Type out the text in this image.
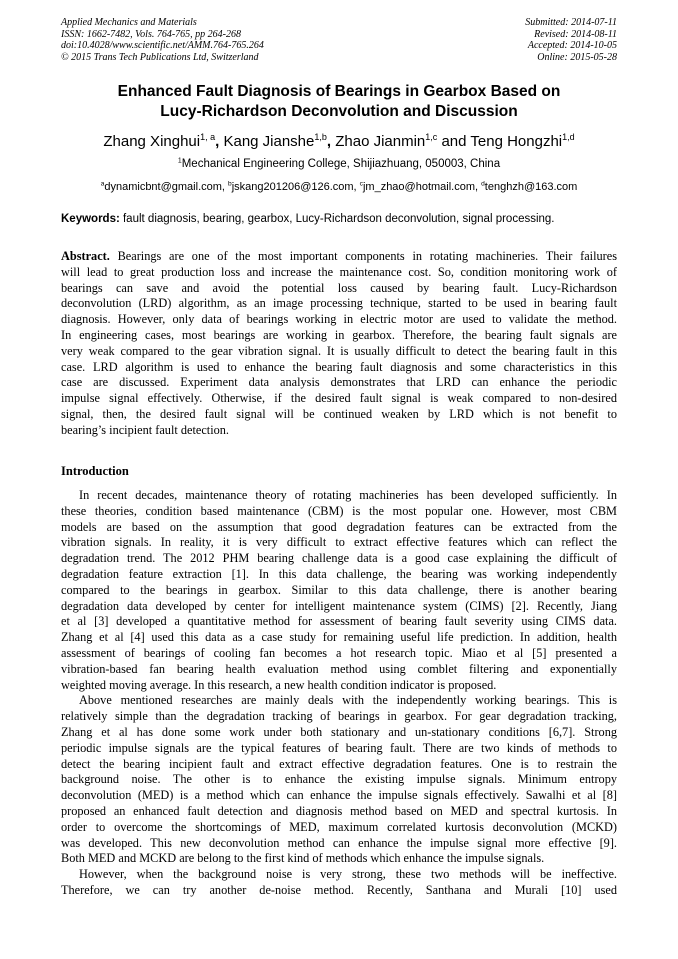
Applied Mechanics and Materials
ISSN: 1662-7482, Vols. 764-765, pp 264-268
doi:10.4028/www.scientific.net/AMM.764-765.264
© 2015 Trans Tech Publications Ltd, Switzerland
Submitted: 2014-07-11
Revised: 2014-08-11
Accepted: 2014-10-05
Online: 2015-05-28
Enhanced Fault Diagnosis of Bearings in Gearbox Based on
Lucy-Richardson Deconvolution and Discussion
Zhang Xinghui$^{1, a}$, Kang Jianshe$^{1,b}$, Zhao Jianmin$^{1,c}$ and Teng Hongzhi$^{1,d}$
$^1$Mechanical Engineering College, Shijiazhuang, 050003, China
$^a$dynamicbnt@gmail.com, $^b$jskang201206@126.com, $^c$jm_zhao@hotmail.com, $^d$tenghzh@163.com
Keywords: fault diagnosis, bearing, gearbox, Lucy-Richardson deconvolution, signal processing.
Abstract. Bearings are one of the most important components in rotating machineries. Their failures
will lead to great production loss and increase the maintenance cost. So, condition monitoring work of
bearings can save and avoid the potential loss caused by bearing fault. Lucy-Richardson
deconvolution (LRD) algorithm, as an image processing technique, started to be used in bearing fault
diagnosis. However, only data of bearings working in electric motor are used to validate the method.
In engineering cases, most bearings are working in gearbox. Therefore, the bearing fault signals are
very weak compared to the gear vibration signal. It is usually difficult to detect the bearing fault in this
case. LRD algorithm is used to enhance the bearing fault diagnosis and some characteristics in this
case are discussed. Experiment data analysis demonstrates that LRD can enhance the periodic
impulse signal effectively. Otherwise, if the desired fault signal is weak compared to non-desired
signal, then, the desired fault signal will be continued weaken by LRD which is not benefit to
bearing’s incipient fault detection.
Introduction
In recent decades, maintenance theory of rotating machineries has been developed sufficiently. In
these theories, condition based maintenance (CBM) is the most popular one. However, most CBM
models are based on the assumption that good degradation features can be extracted from the
vibration signals. In reality, it is very difficult to extract effective features which can reflect the
degradation trend. The 2012 PHM bearing challenge data is a good case explaining the difficult of
degradation feature extraction [1]. In this data challenge, the bearing was working independently
compared to the bearings in gearbox. Similar to this data challenge, there is another bearing
degradation data developed by center for intelligent maintenance system (CIMS) [2]. Recently, Jiang
et al [3] developed a quantitative method for assessment of bearing fault severity using CIMS data.
Zhang et al [4] used this data as a case study for remaining useful life prediction. In addition, health
assessment of bearings of cooling fan becomes a hot research topic. Miao et al [5] presented a
vibration-based fan bearing health evaluation method using comblet filtering and exponentially
weighted moving average. In this research, a new health condition indicator is proposed.
Above mentioned researches are mainly deals with the independently working bearings. This is
relatively simple than the degradation tracking of bearings in gearbox. For gear degradation tracking,
Zhang et al has done some work under both stationary and un-stationary conditions [6,7]. Strong
periodic impulse signals are the typical features of bearing fault. There are two kinds of methods to
detect the bearing incipient fault and extract effective degradation features. One is to restrain the
background noise. The other is to enhance the existing impulse signals. Minimum entropy
deconvolution (MED) is a method which can enhance the impulse signals effectively. Sawalhi et al [8]
proposed an enhanced fault detection and diagnosis method based on MED and spectral kurtosis. In
order to overcome the shortcomings of MED, maximum correlated kurtosis deconvolution (MCKD)
was developed. This new deconvolution method can enhance the impulse signal more effective [9].
Both MED and MCKD are belong to the first kind of methods which enhance the impulse signals.
However, when the background noise is very strong, these two methods will be ineffective.
Therefore, we can try another de-noise method. Recently, Santhana and Murali [10] used
